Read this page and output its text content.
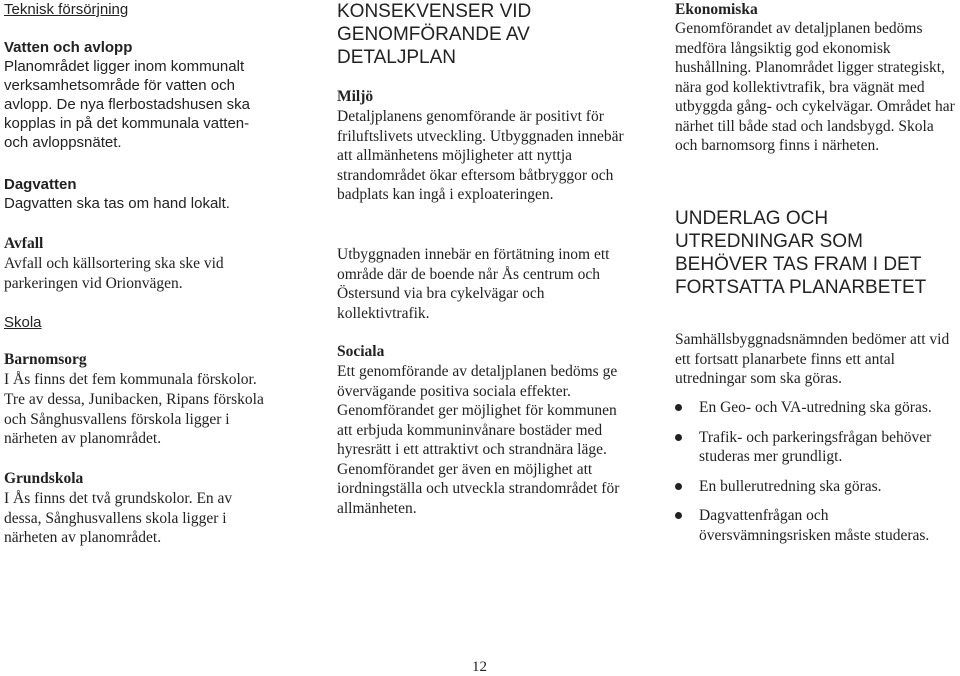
Teknisk försörjning
Vatten och avlopp

Planområdet ligger inom kommunalt verksamhetsområde för vatten och avlopp. De nya flerbostadshusen ska kopplas in på det kommunala vatten- och avloppsnätet.

Dagvatten

Dagvatten ska tas om hand lokalt.

Avfall

Avfall och källsortering ska ske vid parkeringen vid Orionvägen.

Skola
Barnomsorg

I Ås finns det fem kommunala förskolor.

Tre av dessa, Junibacken, Ripans förskola och Sånghusvallens förskola ligger i närheten av planområdet.

Grundskola

I Ås finns det två grundskolor. En av dessa, Sånghusvallens skola ligger i närheten av planområdet.

KONSEKVENSER VID GENOMFÖRANDE AV DETALJPLAN
Miljö

Detaljplanens genomförande är positivt för friluftslivets utveckling. Utbyggnaden innebär att allmänhetens möjligheter att nyttja strandområdet ökar eftersom båtbryggor och badplats kan ingå i exploateringen.

Utbyggnaden innebär en förtätning inom ett område där de boende når Ås centrum och Östersund via bra cykelvägar och kollektivtrafik.

Sociala

Ett genomförande av detaljplanen bedöms ge övervägande positiva sociala effekter. Genomförandet ger möjlighet för kommunen att erbjuda kommuninvånare bostäder med hyresrätt i ett attraktivt och strandnära läge. Genomförandet ger även en möjlighet att iordningställa och utveckla strandområdet för allmänheten.

Ekonomiska

Genomförandet av detaljplanen bedöms medföra långsiktig god ekonomisk hushållning. Planområdet ligger strategiskt, nära god kollektivtrafik, bra vägnät med utbyggda gång- och cykelvägar. Området har närhet till både stad och landsbygd. Skola och barnomsorg finns i närheten.

UNDERLAG OCH UTREDNINGAR SOM BEHÖVER TAS FRAM I DET FORTSATTA PLANARBETET

Samhällsbyggnadsnämnden bedömer att vid ett fortsatt planarbete finns ett antal utredningar som ska göras.

En Geo- och VA-utredning ska göras.
Trafik- och parkeringsfrågan behöver studeras mer grundligt.
En bullerutredning ska göras.
Dagvattenfrågan och översvämningsrisken måste studeras.
12
